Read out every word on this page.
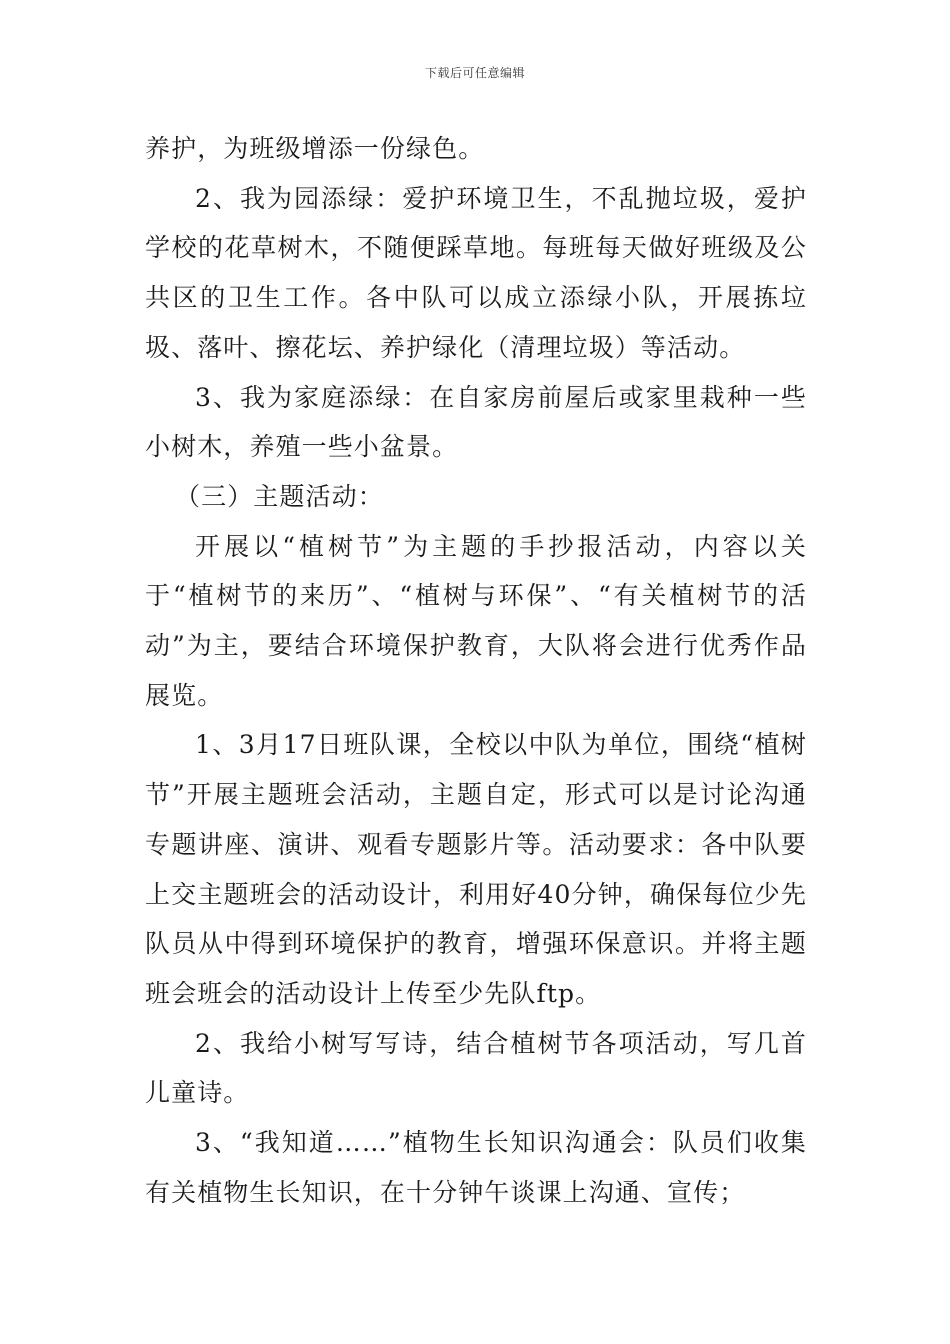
下载后可任意编辑

养护，为班级增添一份绿色。

2、我为园添绿：爱护环境卫生，不乱抛垃圾，爱护学校的花草树木，不随便踩草地。每班每天做好班级及公共区的卫生工作。各中队可以成立添绿小队，开展拣垃圾、落叶、擦花坛、养护绿化（清理垃圾）等活动。

3、我为家庭添绿：在自家房前屋后或家里栽种一些小树木，养殖一些小盆景。

（三）主题活动：

开展以“植树节”为主题的手抄报活动，内容以关于“植树节的来历”、“植树与环保”、“有关植树节的活动”为主，要结合环境保护教育，大队将会进行优秀作品展览。

1、3月17日班队课，全校以中队为单位，围绕“植树节”开展主题班会活动，主题自定，形式可以是讨论沟通专题讲座、演讲、观看专题影片等。活动要求：各中队要上交主题班会的活动设计，利用好40分钟，确保每位少先队员从中得到环境保护的教育，增强环保意识。并将主题班会班会的活动设计上传至少先队ftp。

2、我给小树写写诗，结合植树节各项活动，写几首儿童诗。

3、“我知道……”植物生长知识沟通会：队员们收集有关植物生长知识，在十分钟午谈课上沟通、宣传；
